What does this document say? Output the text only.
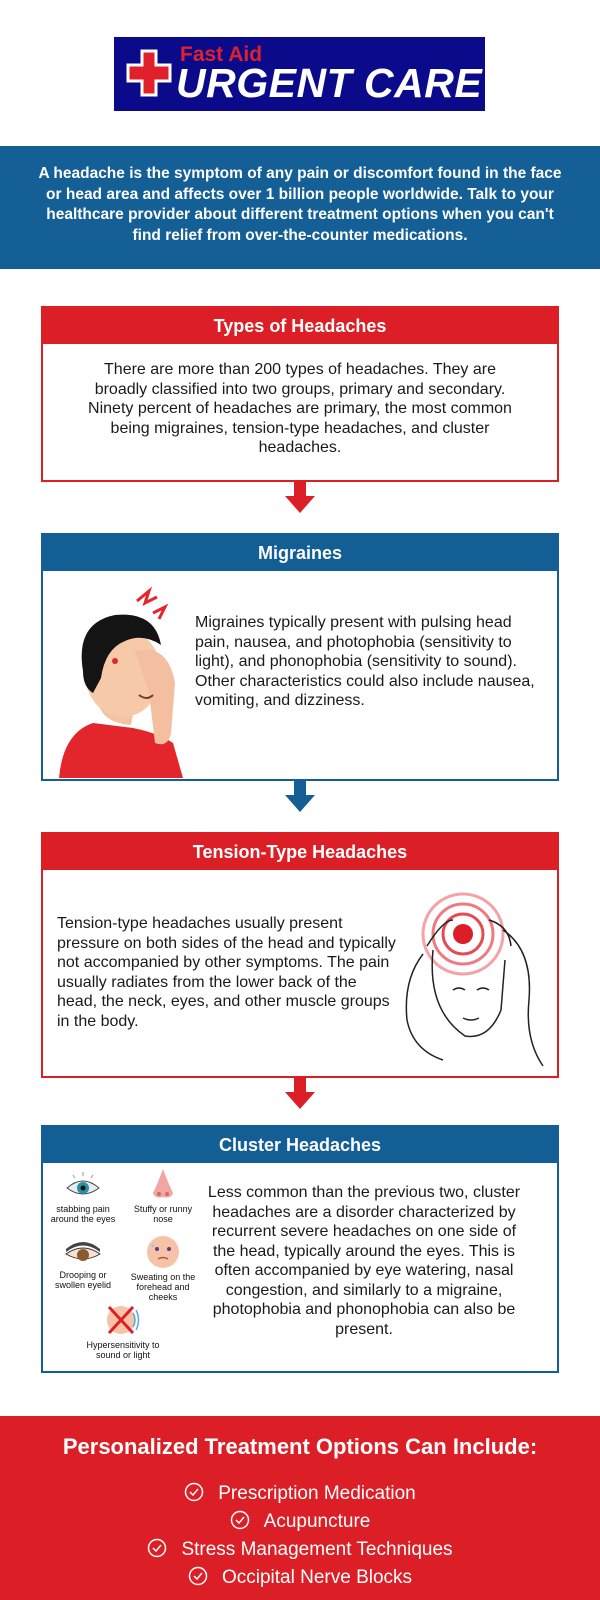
Fast Aid
URGENT CARE
A headache is the symptom of any pain or discomfort found in the face or head area and affects over 1 billion people worldwide. Talk to your healthcare provider about different treatment options when you can't find relief from over-the-counter medications.
Types of Headaches
There are more than 200 types of headaches. They are broadly classified into two groups, primary and secondary. Ninety percent of headaches are primary, the most common being migraines, tension-type headaches, and cluster headaches.
Migraines
Migraines typically present with pulsing head pain, nausea, and photophobia (sensitivity to light), and phonophobia (sensitivity to sound). Other characteristics could also include nausea, vomiting, and dizziness.
Tension-Type Headaches
Tension-type headaches usually present pressure on both sides of the head and typically not accompanied by other symptoms. The pain usually radiates from the lower back of the head, the neck, eyes, and other muscle groups in the body.
Cluster Headaches
stabbing pain around the eyes
Stuffy or runny nose
Drooping or swollen eyelid
Sweating on the forehead and cheeks
Hypersensitivity to sound or light
Less common than the previous two, cluster headaches are a disorder characterized by recurrent severe headaches on one side of the head, typically around the eyes. This is often accompanied by eye watering, nasal congestion, and similarly to a migraine, photophobia and phonophobia can also be present.
Personalized Treatment Options Can Include:
Prescription Medication
Acupuncture
Stress Management Techniques
Occipital Nerve Blocks
